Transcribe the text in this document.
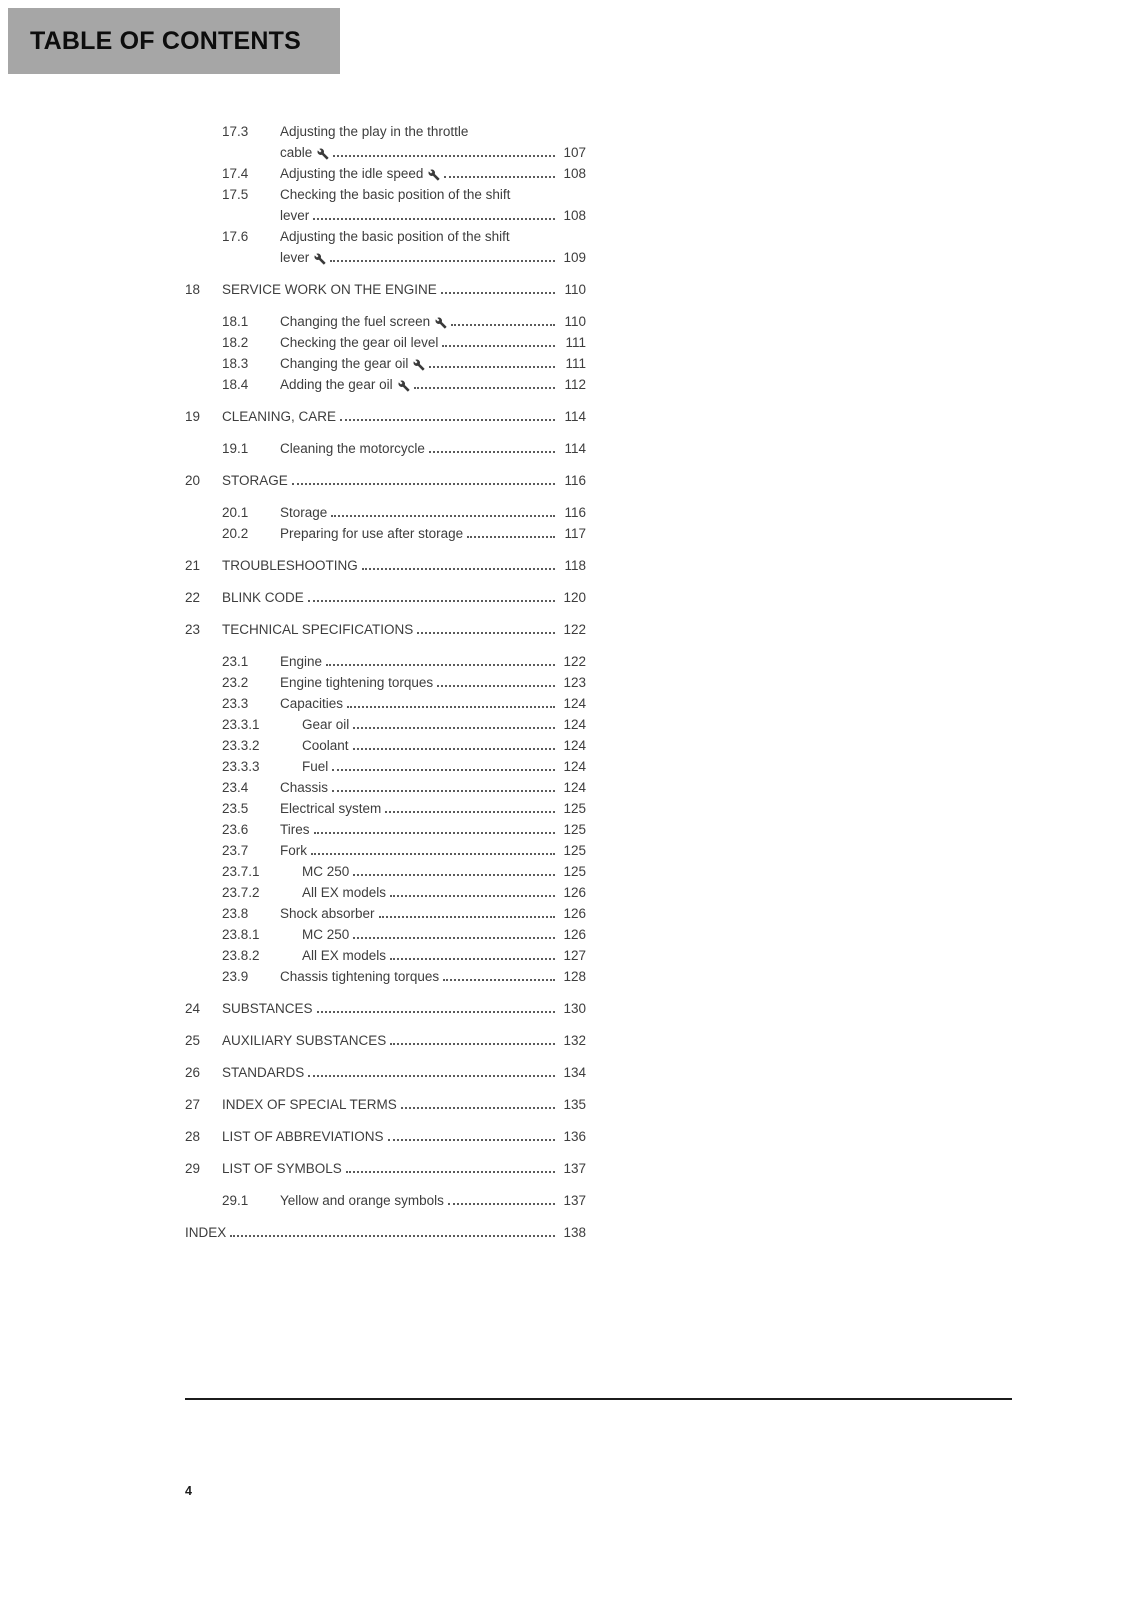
TABLE OF CONTENTS
17.3	Adjusting the play in the throttle
cable	107
17.4	Adjusting the idle speed	108
17.5	Checking the basic position of the shift
lever	108
17.6	Adjusting the basic position of the shift
lever	109
18	SERVICE WORK ON THE ENGINE	110
18.1	Changing the fuel screen	110
18.2	Checking the gear oil level	111
18.3	Changing the gear oil	111
18.4	Adding the gear oil	112
19	CLEANING, CARE	114
19.1	Cleaning the motorcycle	114
20	STORAGE	116
20.1	Storage	116
20.2	Preparing for use after storage	117
21	TROUBLESHOOTING	118
22	BLINK CODE	120
23	TECHNICAL SPECIFICATIONS	122
23.1	Engine	122
23.2	Engine tightening torques	123
23.3	Capacities	124
23.3.1	Gear oil	124
23.3.2	Coolant	124
23.3.3	Fuel	124
23.4	Chassis	124
23.5	Electrical system	125
23.6	Tires	125
23.7	Fork	125
23.7.1	MC 250	125
23.7.2	All EX models	126
23.8	Shock absorber	126
23.8.1	MC 250	126
23.8.2	All EX models	127
23.9	Chassis tightening torques	128
24	SUBSTANCES	130
25	AUXILIARY SUBSTANCES	132
26	STANDARDS	134
27	INDEX OF SPECIAL TERMS	135
28	LIST OF ABBREVIATIONS	136
29	LIST OF SYMBOLS	137
29.1	Yellow and orange symbols	137
INDEX	138
4
